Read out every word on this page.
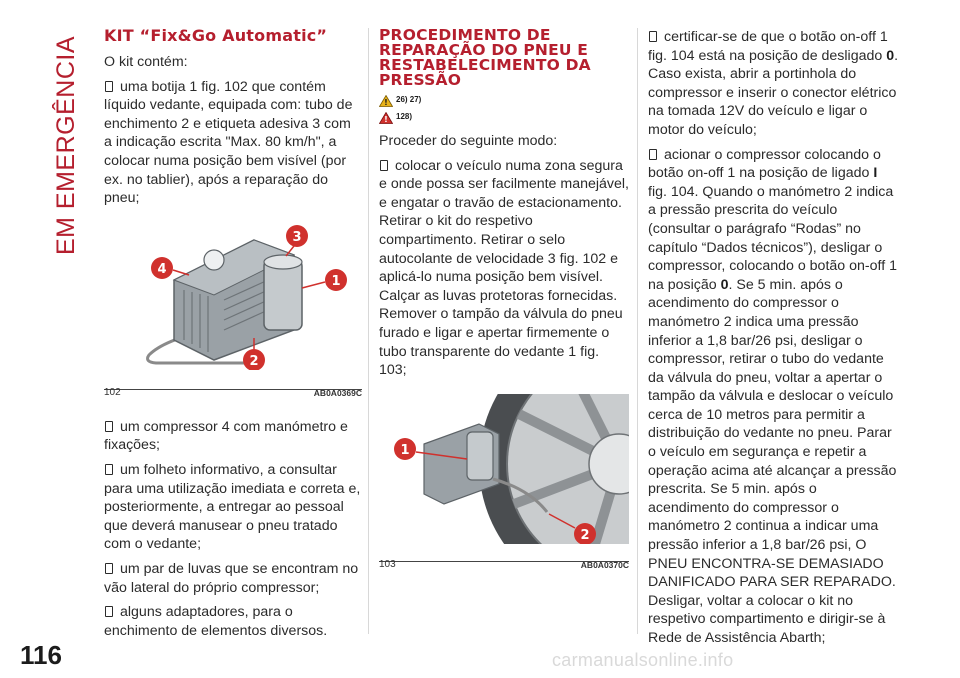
EM EMERGÊNCIA KIT “Fix&Go Automatic”

O kit contém:

uma botija 1 fig. 102 que contém líquido vedante, equipada com: tubo de enchimento 2 e etiqueta adesiva 3 com a indicação escrita "Max. 80 km/h", a colocar numa posição bem visível (por ex. no tablier), após a reparação do pneu;

1
2
3
4
102	AB0A0369C

um compressor 4 com manómetro e fixações;

um folheto informativo, a consultar para uma utilização imediata e correta e, posteriormente, a entregar ao pessoal que deverá manusear o pneu tratado com o vedante;

um par de luvas que se encontram no vão lateral do próprio compressor;

alguns adaptadores, para o enchimento de elementos diversos.

PROCEDIMENTO DE REPARAÇÃO DO PNEU E RESTABELECIMENTO DA PRESSÃO
! 26) 27)
! 128)

Proceder do seguinte modo:

colocar o veículo numa zona segura e onde possa ser facilmente manejável, e engatar o travão de estacionamento. Retirar o kit do respetivo compartimento. Retirar o selo autocolante de velocidade 3 fig. 102 e aplicá-lo numa posição bem visível. Calçar as luvas protetoras fornecidas. Remover o tampão da válvula do pneu furado e ligar e apertar firmemente o tubo transparente do vedante 1 fig. 103;

1
2
103	AB0A0370C

certificar-se de que o botão on-off 1 fig. 104 está na posição de desligado 0. Caso exista, abrir a portinhola do compressor e inserir o conector elétrico na tomada 12V do veículo e ligar o motor do veículo;

acionar o compressor colocando o botão on-off 1 na posição de ligado I fig. 104. Quando o manómetro 2 indica a pressão prescrita do veículo (consultar o parágrafo “Rodas” no capítulo “Dados técnicos”), desligar o compressor, colocando o botão on-off 1 na posição 0. Se 5 min. após o acendimento do compressor o manómetro 2 indica uma pressão inferior a 1,8 bar/26 psi, desligar o compressor, retirar o tubo do vedante da válvula do pneu, voltar a apertar o tampão da válvula e deslocar o veículo cerca de 10 metros para permitir a distribuição do vedante no pneu. Parar o veículo em segurança e repetir a operação acima até alcançar a pressão prescrita. Se 5 min. após o acendimento do compressor o manómetro 2 continua a indicar uma pressão inferior a 1,8 bar/26 psi, O PNEU ENCONTRA-SE DEMASIADO DANIFICADO PARA SER REPARADO. Desligar, voltar a colocar o kit no respetivo compartimento e dirigir-se à Rede de Assistência Abarth;

116	carmanualsonline.info
